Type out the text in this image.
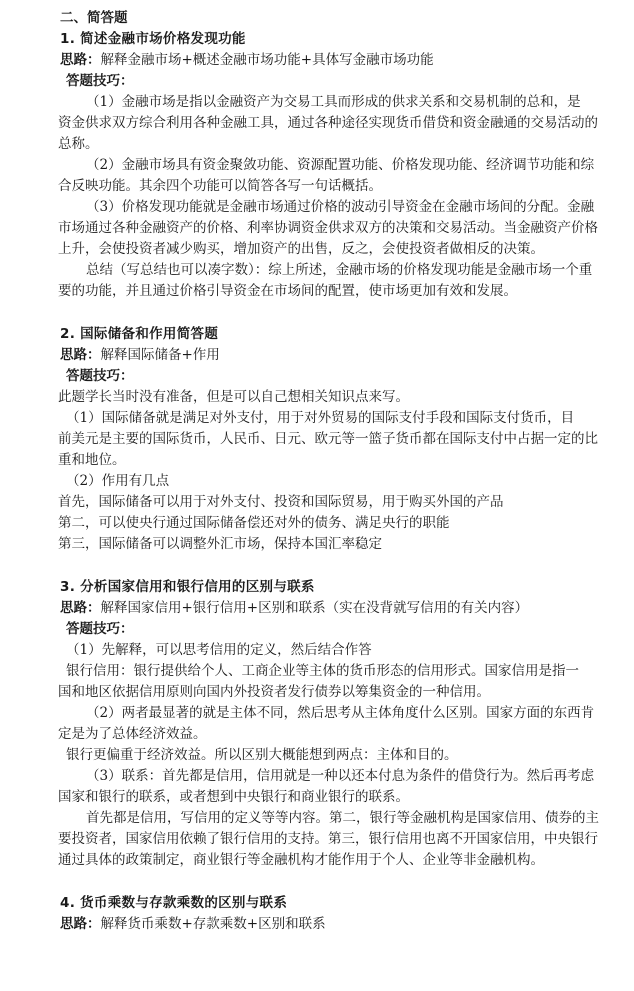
二、简答题
1. 简述金融市场价格发现功能
思路：解释金融市场+概述金融市场功能+具体写金融市场功能
答题技巧：
（1）金融市场是指以金融资产为交易工具而形成的供求关系和交易机制的总和，是
资金供求双方综合利用各种金融工具，通过各种途径实现货币借贷和资金融通的交易活动的
总称。
（2）金融市场具有资金聚敛功能、资源配置功能、价格发现功能、经济调节功能和综
合反映功能。其余四个功能可以简答各写一句话概括。
（3）价格发现功能就是金融市场通过价格的波动引导资金在金融市场间的分配。金融
市场通过各种金融资产的价格、利率协调资金供求双方的决策和交易活动。当金融资产价格
上升，会使投资者减少购买，增加资产的出售，反之，会使投资者做相反的决策。
总结（写总结也可以凑字数）：综上所述，金融市场的价格发现功能是金融市场一个重
要的功能，并且通过价格引导资金在市场间的配置，使市场更加有效和发展。
2. 国际储备和作用简答题
思路：解释国际储备+作用
答题技巧：
此题学长当时没有准备，但是可以自己想相关知识点来写。
（1）国际储备就是满足对外支付，用于对外贸易的国际支付手段和国际支付货币，目
前美元是主要的国际货币，人民币、日元、欧元等一篮子货币都在国际支付中占据一定的比
重和地位。
（2）作用有几点
首先，国际储备可以用于对外支付、投资和国际贸易，用于购买外国的产品
第二，可以使央行通过国际储备偿还对外的债务、满足央行的职能
第三，国际储备可以调整外汇市场，保持本国汇率稳定
3. 分析国家信用和银行信用的区别与联系
思路：解释国家信用+银行信用+区别和联系（实在没背就写信用的有关内容）
答题技巧：
（1）先解释，可以思考信用的定义，然后结合作答
银行信用：银行提供给个人、工商企业等主体的货币形态的信用形式。国家信用是指一
国和地区依据信用原则向国内外投资者发行债券以筹集资金的一种信用。
（2）两者最显著的就是主体不同，然后思考从主体角度什么区别。国家方面的东西肯
定是为了总体经济效益。
银行更偏重于经济效益。所以区别大概能想到两点：主体和目的。
（3）联系：首先都是信用，信用就是一种以还本付息为条件的借贷行为。然后再考虑
国家和银行的联系，或者想到中央银行和商业银行的联系。
首先都是信用，写信用的定义等等内容。第二，银行等金融机构是国家信用、债券的主
要投资者，国家信用依赖了银行信用的支持。第三，银行信用也离不开国家信用，中央银行
通过具体的政策制定，商业银行等金融机构才能作用于个人、企业等非金融机构。
4. 货币乘数与存款乘数的区别与联系
思路：解释货币乘数+存款乘数+区别和联系
